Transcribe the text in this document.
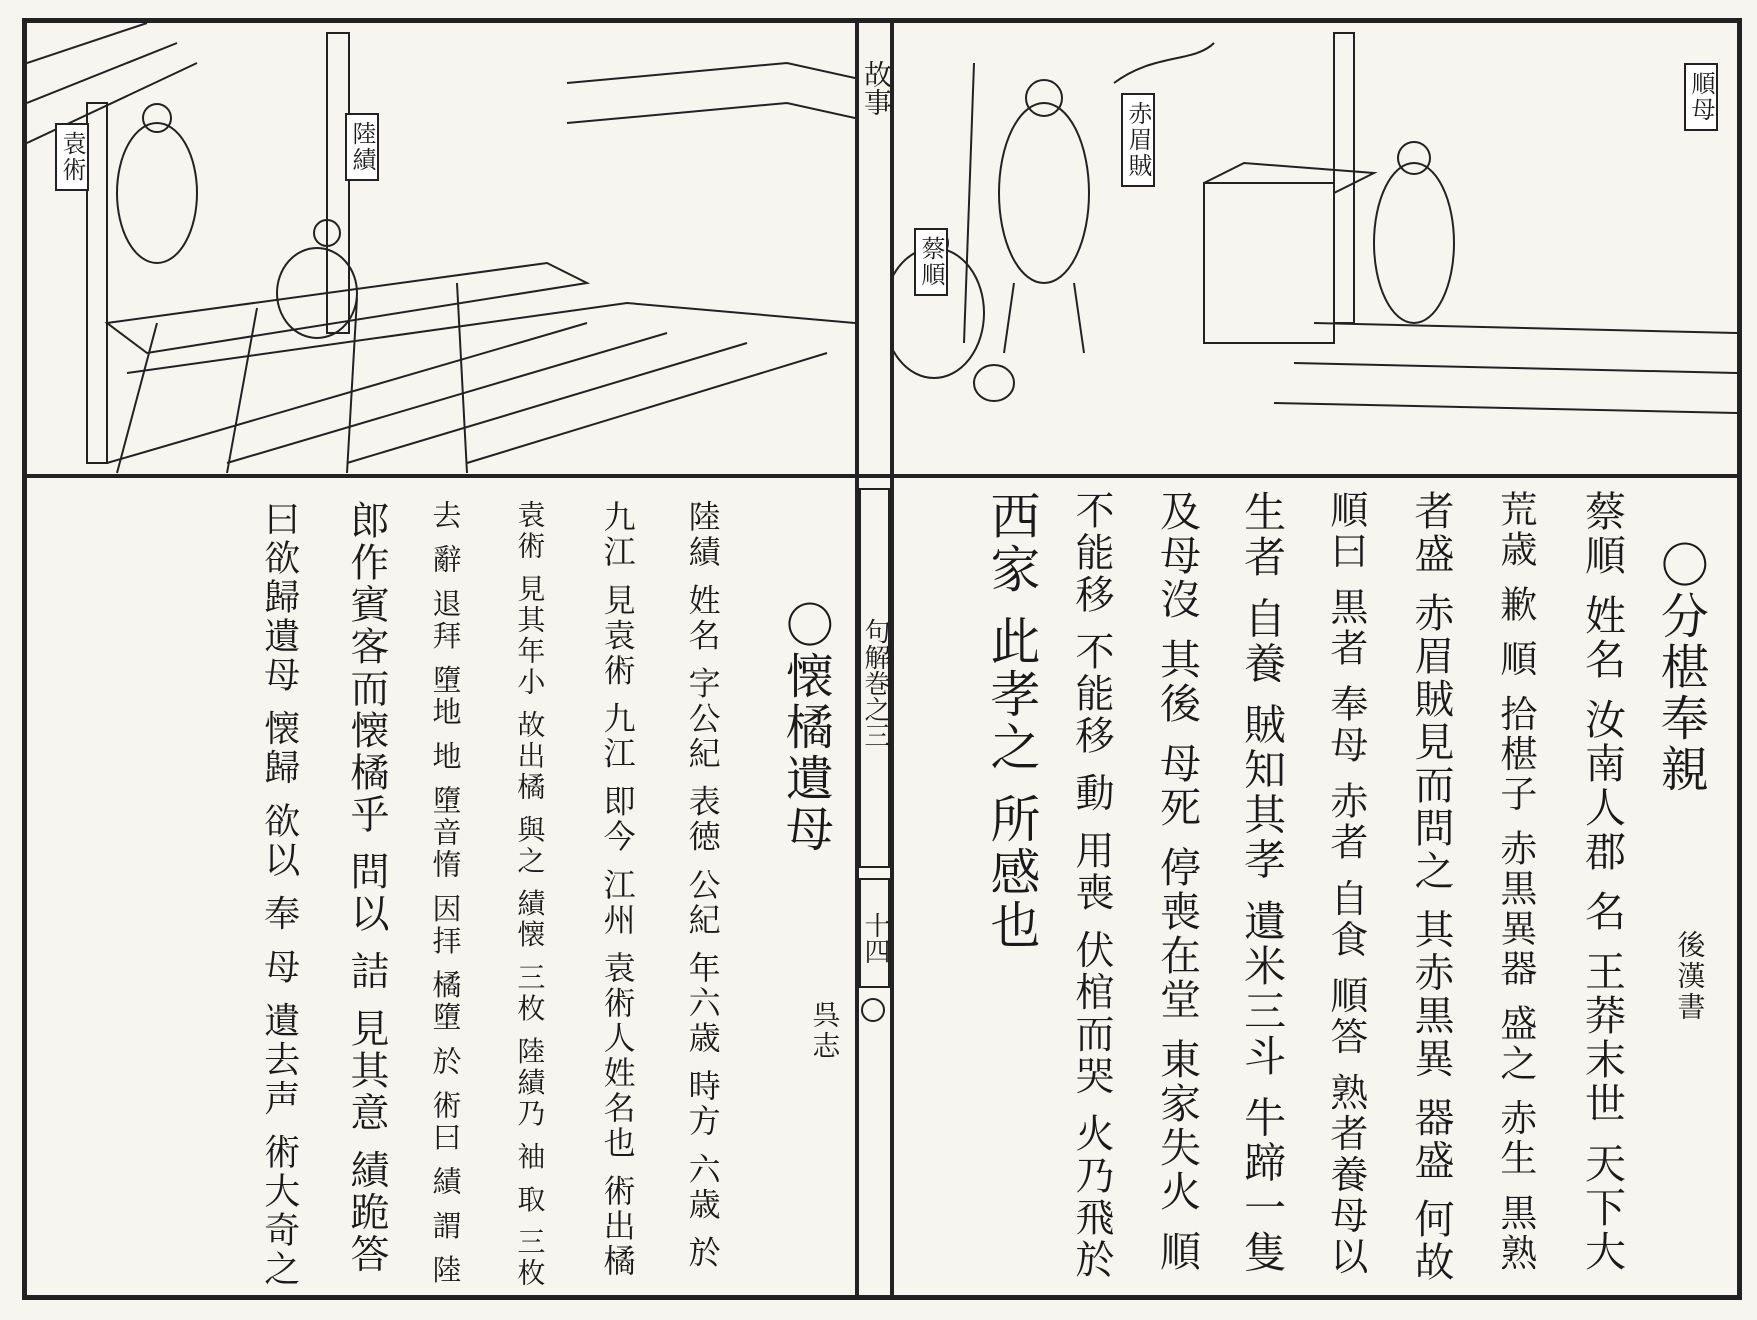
袁術	陸績
故事
赤眉賊
蔡順
順母
句解巻之三
十四
〇分椹奉親
後漢書
蔡順 姓名 汝南人郡 名 王莽末世 天下大
荒歳 歉 順 拾椹子 赤黒異器 盛之 赤生 黒熟
者盛 赤眉賊見而問之 其赤黒異 器盛 何故
順曰 黒者 奉母 赤者 自食 順答 熟者養母以
生者 自養 賊知其孝 遺米三斗 牛蹄一隻
及母沒 其後 母死 停喪在堂 東家失火 順
不能移 不能移 動 用喪 伏棺而哭 火乃飛於
西家 此孝之 所感也
〇懐橘遺母
呉志
陸績 姓名 字公紀 表徳 公紀 年六歳 時方 六歳 於
九江 見袁術 九江 即今 江州 袁術人姓名也 術出橘
袁術 見其年小 故出橘 與之 績懐 三枚 陸績乃 袖 取 三枚
去 辭 退拜 墮地 地 墮音惰 因拝 橘墮 於 術曰 績 謂 陸
郎作賓客而懐橘乎 問以 詰 見其意 績跪答
曰欲歸遺母 懐歸 欲以 奉 母 遺去声 術大奇之
